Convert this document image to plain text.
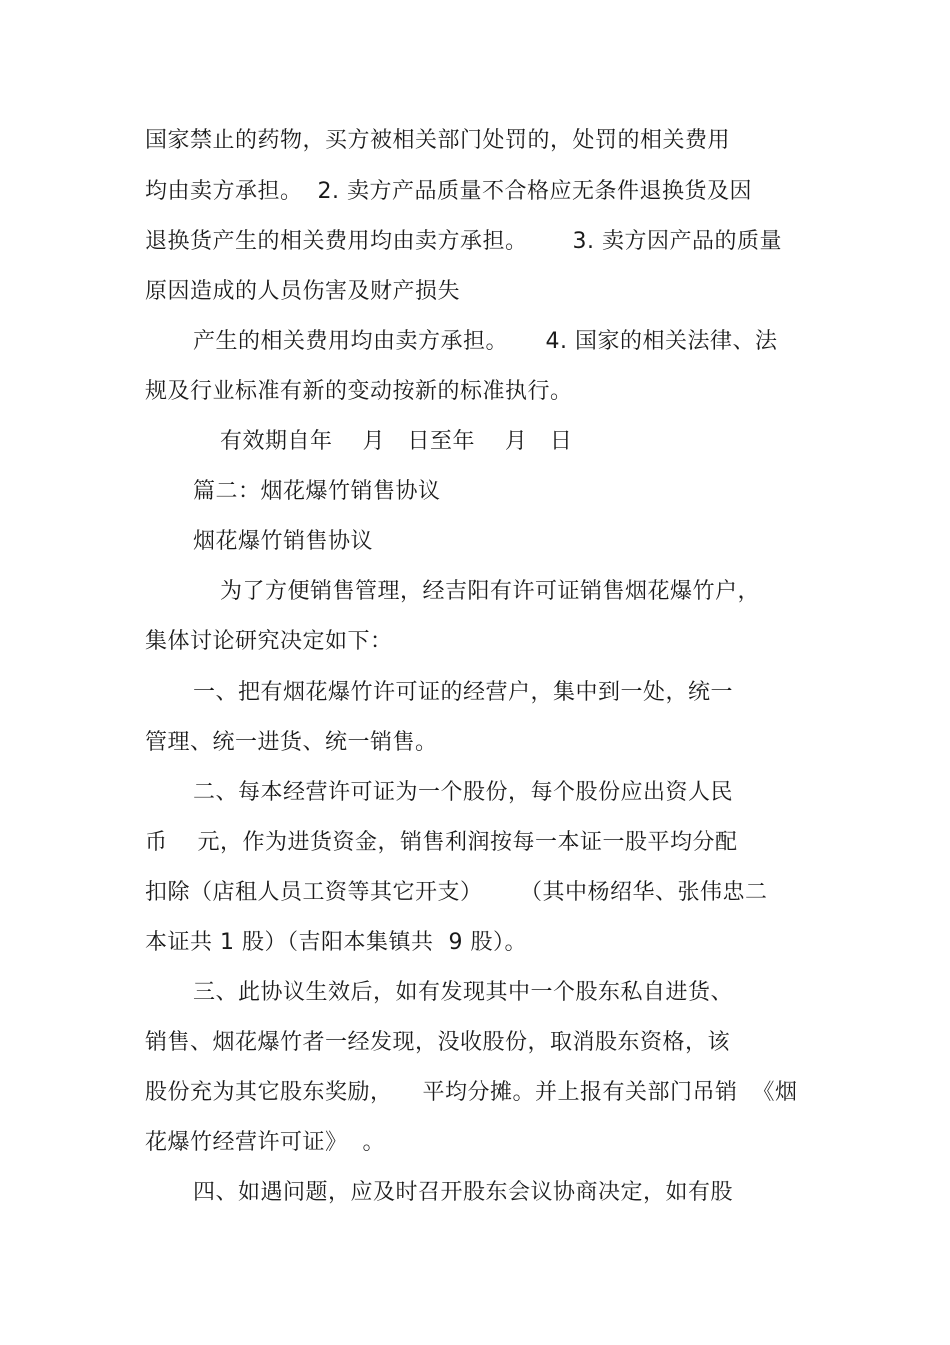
国家禁止的药物，买方被相关部门处罚的，处罚的相关费用
均由卖方承担。  2. 卖方产品质量不合格应无条件退换货及因
退换货产生的相关费用均由卖方承担。      3. 卖方因产品的质量
原因造成的人员伤害及财产损失
产生的相关费用均由卖方承担。     4. 国家的相关法律、法
规及行业标准有新的变动按新的标准执行。
有效期自年    月   日至年    月   日
篇二：烟花爆竹销售协议
烟花爆竹销售协议
为了方便销售管理，经吉阳有许可证销售烟花爆竹户，
集体讨论研究决定如下：
一、把有烟花爆竹许可证的经营户，集中到一处，统一
管理、统一进货、统一销售。
二、每本经营许可证为一个股份，每个股份应出资人民
币    元，作为进货资金，销售利润按每一本证一股平均分配
扣除（店租人员工资等其它开支）     （其中杨绍华、张伟忠二
本证共 1 股）（吉阳本集镇共  9 股）。
三、此协议生效后，如有发现其中一个股东私自进货、
销售、烟花爆竹者一经发现，没收股份，取消股东资格，该
股份充为其它股东奖励，    平均分摊。并上报有关部门吊销  《烟
花爆竹经营许可证》  。
四、如遇问题，应及时召开股东会议协商决定，如有股
